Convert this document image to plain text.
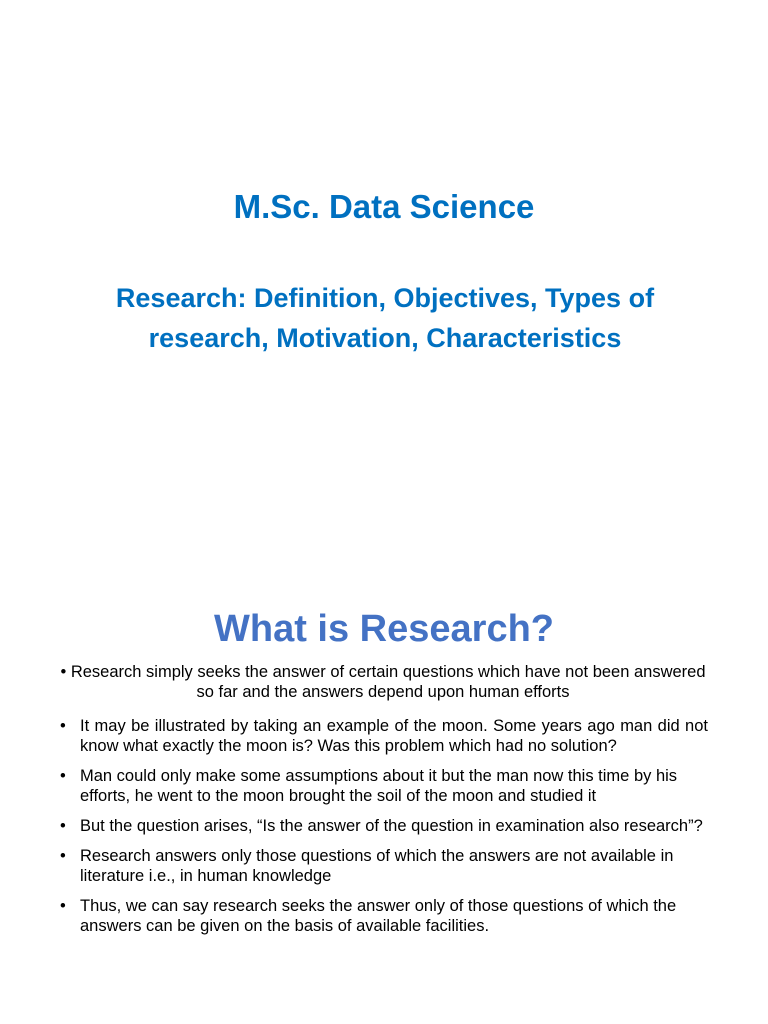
M.Sc. Data Science
Research: Definition, Objectives, Types of research, Motivation, Characteristics
What is Research?
• Research simply seeks the answer of certain questions which have not been answered so far and the answers depend upon human efforts
• It may be illustrated by taking an example of the moon. Some years ago man did not know what exactly the moon is? Was this problem which had no solution?
• Man could only make some assumptions about it but the man now this time by his efforts, he went to the moon brought the soil of the moon and studied it
• But the question arises, “Is the answer of the question in examination also research”?
• Research answers only those questions of which the answers are not available in literature i.e., in human knowledge
• Thus, we can say research seeks the answer only of those questions of which the answers can be given on the basis of available facilities.
